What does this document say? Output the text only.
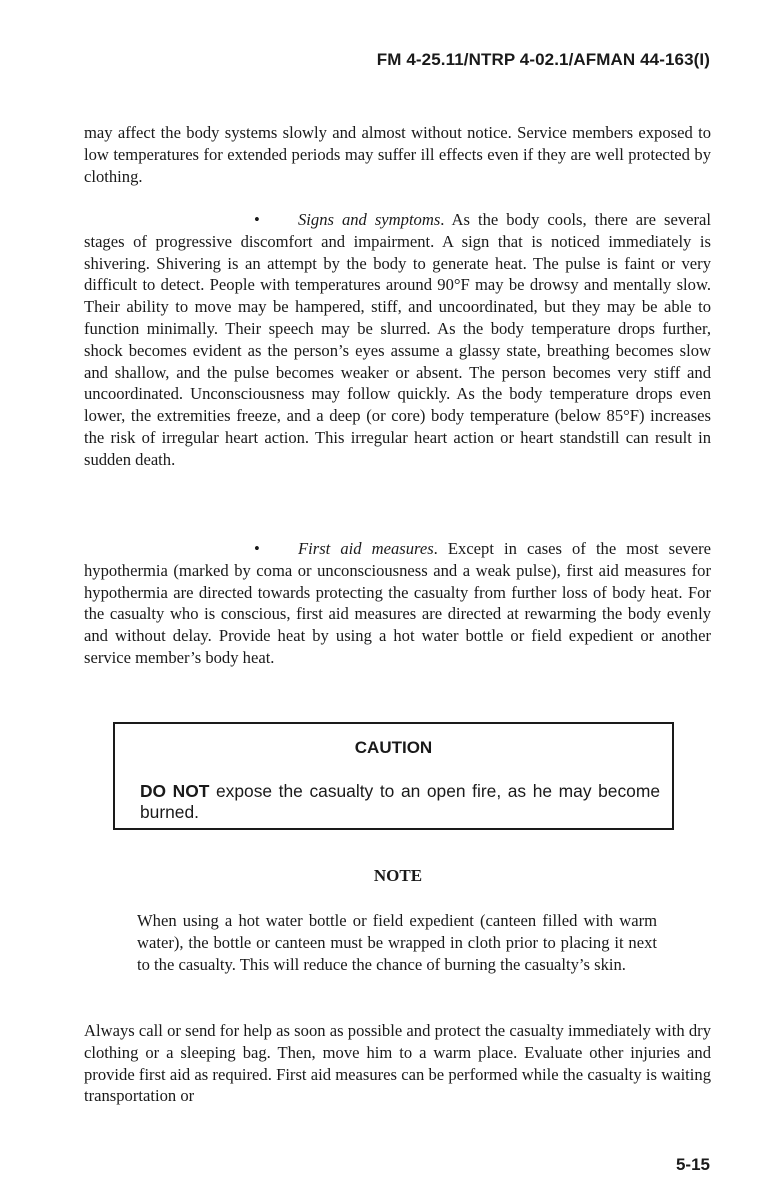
FM 4-25.11/NTRP 4-02.1/AFMAN 44-163(I)

may affect the body systems slowly and almost without notice. Service members exposed to low temperatures for extended periods may suffer ill effects even if they are well protected by clothing.

• Signs and symptoms. As the body cools, there are several stages of progressive discomfort and impairment. A sign that is noticed immediately is shivering. Shivering is an attempt by the body to generate heat. The pulse is faint or very difficult to detect. People with temperatures around 90°F may be drowsy and mentally slow. Their ability to move may be hampered, stiff, and uncoordinated, but they may be able to function minimally. Their speech may be slurred. As the body temperature drops further, shock becomes evident as the person’s eyes assume a glassy state, breathing becomes slow and shallow, and the pulse becomes weaker or absent. The person becomes very stiff and uncoordinated. Unconsciousness may follow quickly. As the body temperature drops even lower, the extremities freeze, and a deep (or core) body temperature (below 85°F) increases the risk of irregular heart action. This irregular heart action or heart standstill can result in sudden death.

• First aid measures. Except in cases of the most severe hypothermia (marked by coma or unconsciousness and a weak pulse), first aid measures for hypothermia are directed towards protecting the casualty from further loss of body heat. For the casualty who is conscious, first aid measures are directed at rewarming the body evenly and without delay. Provide heat by using a hot water bottle or field expedient or another service member’s body heat.

CAUTION
DO NOT expose the casualty to an open fire, as he may become burned.
NOTE

When using a hot water bottle or field expedient (canteen filled with warm water), the bottle or canteen must be wrapped in cloth prior to placing it next to the casualty. This will reduce the chance of burning the casualty’s skin.

Always call or send for help as soon as possible and protect the casualty immediately with dry clothing or a sleeping bag. Then, move him to a warm place. Evaluate other injuries and provide first aid as required. First aid measures can be performed while the casualty is waiting transportation or

5-15
